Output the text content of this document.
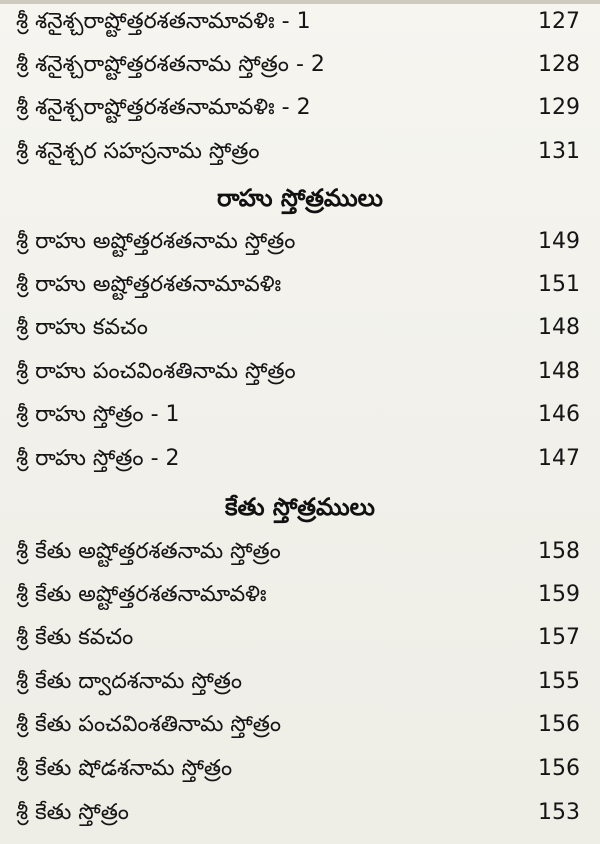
శ్రీ శనైశ్చరాష్టోత్తరశతనామావళిః - 1	127
శ్రీ శనైశ్చరాష్టోత్తరశతనామ స్తోత్రం - 2	128
శ్రీ శనైశ్చరాష్టోత్తరశతనామావళిః - 2	129
శ్రీ శనైశ్చర సహస్రనామ స్తోత్రం	131
రాహు స్తోత్రములు
శ్రీ రాహు అష్టోత్తరశతనామ స్తోత్రం	149
శ్రీ రాహు అష్టోత్తరశతనామావళిః	151
శ్రీ రాహు కవచం	148
శ్రీ రాహు పంచవింశతినామ స్తోత్రం	148
శ్రీ రాహు స్తోత్రం - 1	146
శ్రీ రాహు స్తోత్రం - 2	147
కేతు స్తోత్రములు
శ్రీ కేతు అష్టోత్తరశతనామ స్తోత్రం	158
శ్రీ కేతు అష్టోత్తరశతనామావళిః	159
శ్రీ కేతు కవచం	157
శ్రీ కేతు ద్వాదశనామ స్తోత్రం	155
శ్రీ కేతు పంచవింశతినామ స్తోత్రం	156
శ్రీ కేతు షోడశనామ స్తోత్రం	156
శ్రీ కేతు స్తోత్రం	153
